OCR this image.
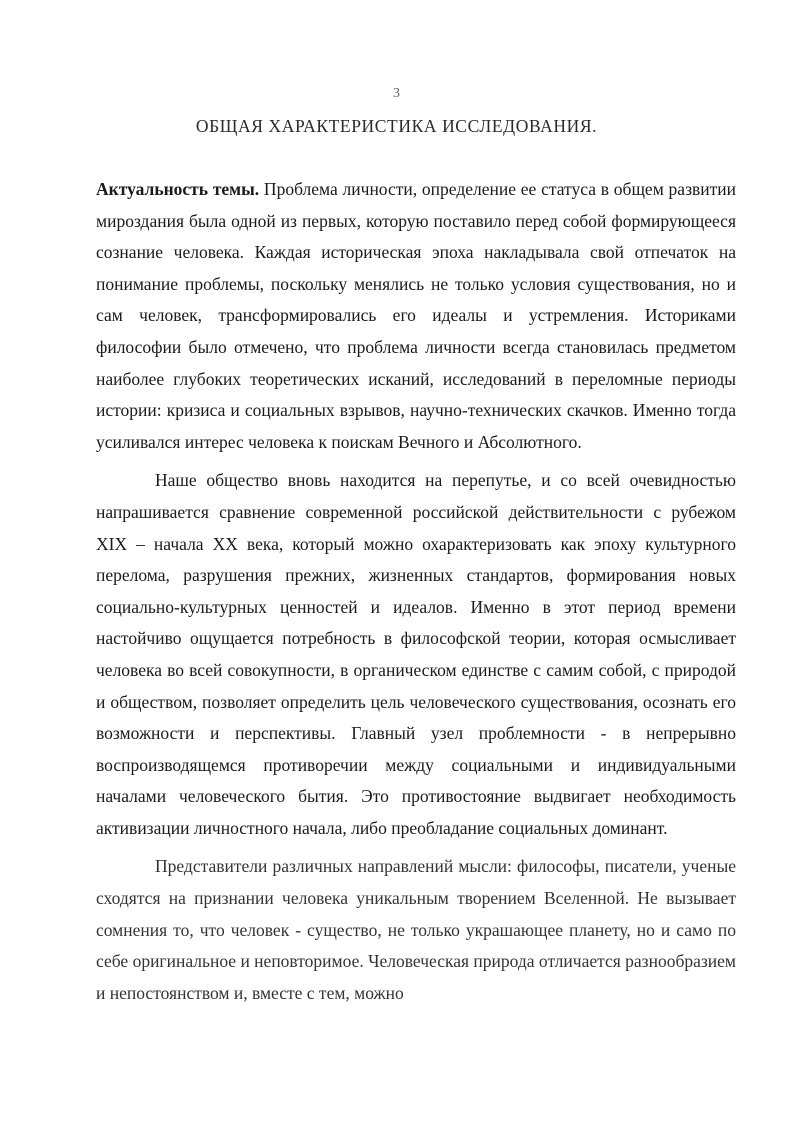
3

ОБЩАЯ ХАРАКТЕРИСТИКА ИССЛЕДОВАНИЯ.

Актуальность темы. Проблема личности, определение ее статуса в общем развитии мироздания была одной из первых, которую поставило перед собой формирующееся сознание человека. Каждая историческая эпоха накладывала свой отпечаток на понимание проблемы, поскольку менялись не только условия существования, но и сам человек, трансформировались его идеалы и устремления. Историками философии было отмечено, что проблема личности всегда становилась предметом наиболее глубоких теоретических исканий, исследований в переломные периоды истории: кризиса и социальных взрывов, научно-технических скачков. Именно тогда усиливался интерес человека к поискам Вечного и Абсолютного.

Наше общество вновь находится на перепутье, и со всей очевидностью напрашивается сравнение современной российской действительности с рубежом XIX – начала XX века, который можно охарактеризовать как эпоху культурного перелома, разрушения прежних, жизненных стандартов, формирования новых социально-культурных ценностей и идеалов. Именно в этот период времени настойчиво ощущается потребность в философской теории, которая осмысливает человека во всей совокупности, в органическом единстве с самим собой, с природой и обществом, позволяет определить цель человеческого существования, осознать его возможности и перспективы. Главный узел проблемности - в непрерывно воспроизводящемся противоречии между социальными и индивидуальными началами человеческого бытия. Это противостояние выдвигает необходимость активизации личностного начала, либо преобладание социальных доминант.

Представители различных направлений мысли: философы, писатели, ученые сходятся на признании человека уникальным творением Вселенной. Не вызывает сомнения то, что человек - существо, не только украшающее планету, но и само по себе оригинальное и неповторимое. Человеческая природа отличается разнообразием и непостоянством и, вместе с тем, можно
